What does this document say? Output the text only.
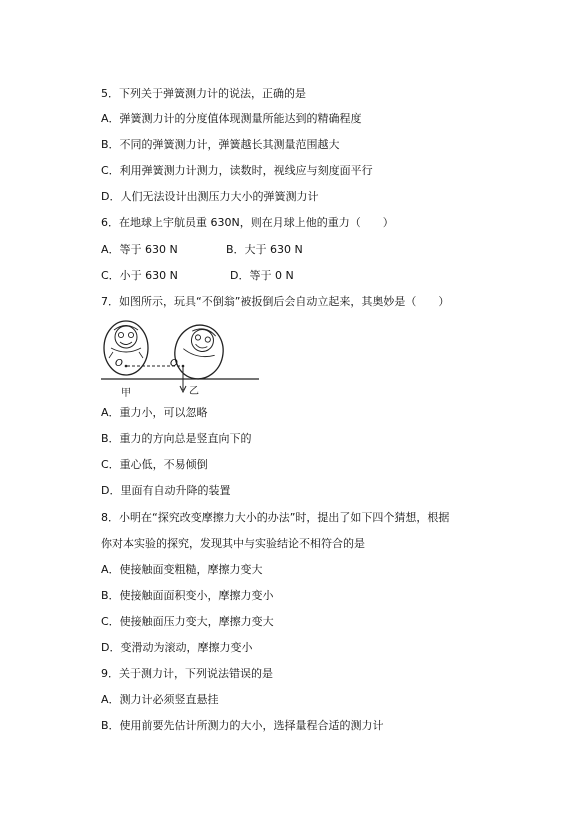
5．下列关于弹簧测力计的说法，正确的是
A．弹簧测力计的分度值体现测量所能达到的精确程度
B．不同的弹簧测力计，弹簧越长其测量范围越大
C．利用弹簧测力计测力，读数时，视线应与刻度面平行
D．人们无法设计出测压力大小的弹簧测力计
6．在地球上宇航员重 630N，则在月球上他的重力（　　）
A．等于 630 N	B．大于 630 N
C．小于 630 N	D．等于 0 N
7．如图所示，玩具“不倒翁”被扳倒后会自动立起来，其奥妙是（　　）
O	O
甲	乙
A．重力小，可以忽略
B．重力的方向总是竖直向下的
C．重心低，不易倾倒
D．里面有自动升降的装置
8．小明在“探究改变摩擦力大小的办法”时，提出了如下四个猜想，根据
你对本实验的探究，发现其中与实验结论不相符合的是
A．使接触面变粗糙，摩擦力变大
B．使接触面面积变小，摩擦力变小
C．使接触面压力变大，摩擦力变大
D．变滑动为滚动，摩擦力变小
9．关于测力计，下列说法错误的是
A．测力计必须竖直悬挂
B．使用前要先估计所测力的大小，选择量程合适的测力计
